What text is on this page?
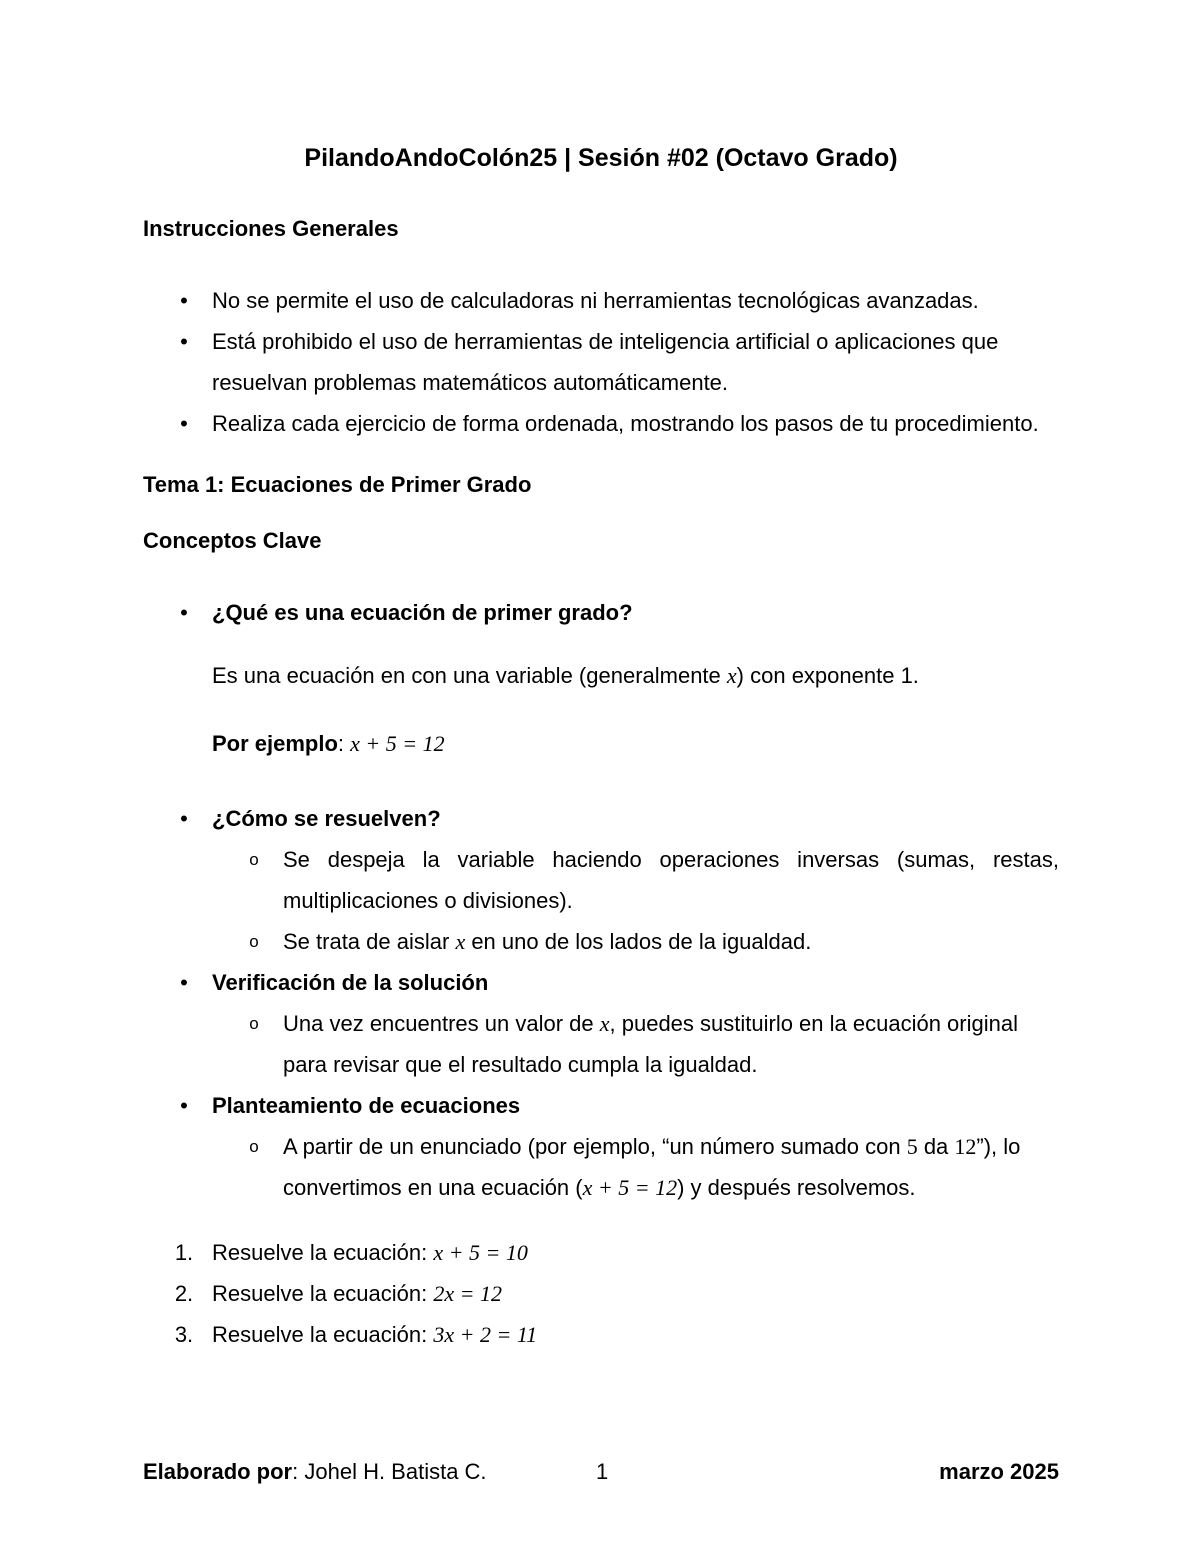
PilandoAndoColón25 | Sesión #02 (Octavo Grado)

Instrucciones Generales

• No se permite el uso de calculadoras ni herramientas tecnológicas avanzadas.
• Está prohibido el uso de herramientas de inteligencia artificial o aplicaciones que resuelvan problemas matemáticos automáticamente.
• Realiza cada ejercicio de forma ordenada, mostrando los pasos de tu procedimiento.

Tema 1: Ecuaciones de Primer Grado

Conceptos Clave

• ¿Qué es una ecuación de primer grado?

Es una ecuación en con una variable (generalmente x) con exponente 1.

Por ejemplo: x + 5 = 12

• ¿Cómo se resuelven?
o Se despeja la variable haciendo operaciones inversas (sumas, restas, multiplicaciones o divisiones).
o Se trata de aislar x en uno de los lados de la igualdad.
• Verificación de la solución
o Una vez encuentres un valor de x, puedes sustituirlo en la ecuación original para revisar que el resultado cumpla la igualdad.
• Planteamiento de ecuaciones
o A partir de un enunciado (por ejemplo, “un número sumado con 5 da 12”), lo convertimos en una ecuación (x + 5 = 12) y después resolvemos.
1. Resuelve la ecuación: x + 5 = 10
2. Resuelve la ecuación: 2x = 12
3. Resuelve la ecuación: 3x + 2 = 11
Elaborado por: Johel H. Batista C.	1	marzo 2025
